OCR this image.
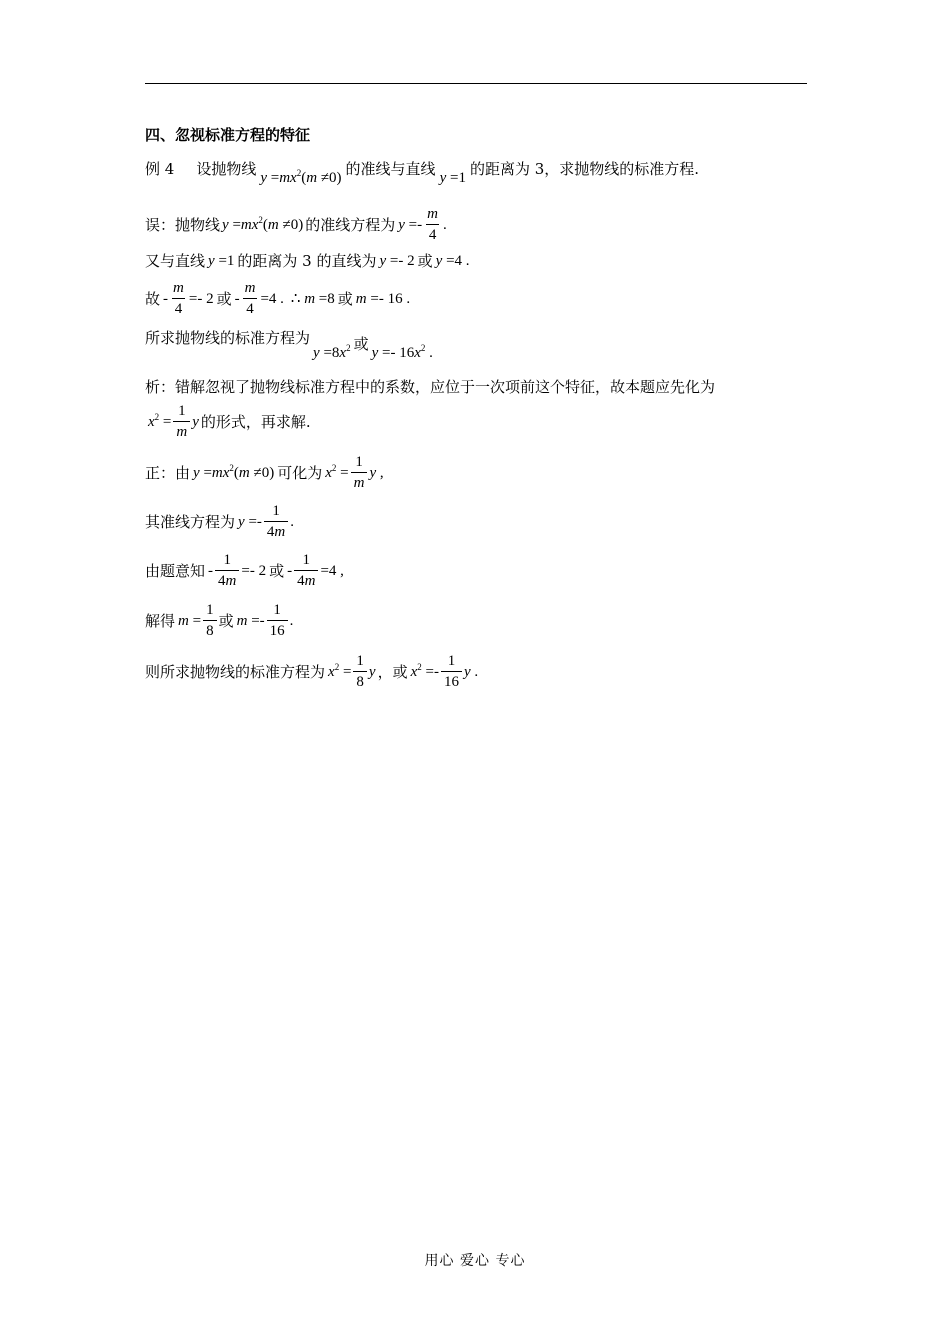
四、忽视标准方程的特征
例 4 设抛物线 $y =mx^2(m \ne 0)$ 的准线与直线 y =1 的距离为 3，求抛物线的标准方程.
误：抛物线 $y =mx^2(m \ne 0)$ 的准线方程为 $y =- \frac{m}{4}$ .
又与直线 y =1 的距离为 3 的直线为 y =- 2 或 y =4 .
故 - $\frac{m}{4} =- 2$ 或 - $\frac{m}{4} =4$ . ∴ m =8 或 m =- 16 .
所求抛物线的标准方程为
$y =8x^2$ 或 $y =- 16x^2$ .
析：错解忽视了抛物线标准方程中的系数，应位于一次项前这个特征，故本题应先化为
$x^2 = \frac{1}{m}$ y 的形式，再求解.
正：由 $y =mx^2(m \ne 0)$ 可化为 $x^2 = \frac{1}{m}$ y ,
其准线方程为 $y =- \frac{1}{4m}$ .
由题意知 - $\frac{1}{4m} =- 2$ 或 - $\frac{1}{4m} =4$ ,
解得 $m = \frac{1}{8}$ 或 $m =- \frac{1}{16}$ .
则所求抛物线的标准方程为 $x^2 = \frac{1}{8}$ y ，或 $x^2 =- \frac{1}{16}$ y .
用心 爱心 专心
